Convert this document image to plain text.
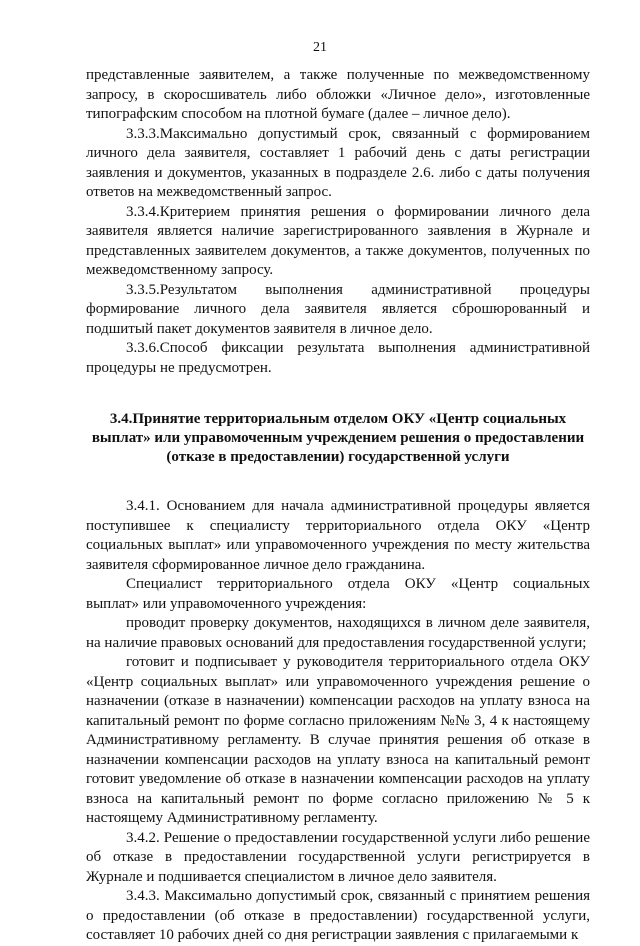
21

представленные заявителем, а также полученные по межведомственному запросу, в скоросшиватель либо обложки «Личное дело», изготовленные типографским способом на плотной бумаге (далее – личное дело).

3.3.3.Максимально допустимый срок, связанный с формированием личного дела заявителя, составляет 1 рабочий день с даты регистрации заявления и документов, указанных в подразделе 2.6. либо с даты получения ответов на межведомственный запрос.

3.3.4.Критерием принятия решения о формировании личного дела заявителя является наличие зарегистрированного заявления в Журнале и представленных заявителем документов, а также документов, полученных по межведомственному запросу.

3.3.5.Результатом выполнения административной процедуры формирование личного дела заявителя является сброшюрованный и подшитый пакет документов заявителя в личное дело.

3.3.6.Способ фиксации результата выполнения административной процедуры не предусмотрен.

3.4.Принятие территориальным отделом ОКУ «Центр социальных выплат» или управомоченным учреждением решения о предоставлении (отказе в предоставлении) государственной услуги

3.4.1. Основанием для начала административной процедуры является поступившее к специалисту территориального отдела ОКУ «Центр социальных выплат» или управомоченного учреждения по месту жительства заявителя сформированное личное дело гражданина.

Специалист территориального отдела ОКУ «Центр социальных выплат» или управомоченного учреждения:

проводит проверку документов, находящихся в личном деле заявителя, на наличие правовых оснований для предоставления государственной услуги;

готовит и подписывает у руководителя территориального отдела ОКУ «Центр социальных выплат» или управомоченного учреждения решение о назначении (отказе в назначении) компенсации расходов на уплату взноса на капитальный ремонт по форме согласно приложениям №№ 3, 4 к настоящему Административному регламенту. В случае принятия решения об отказе в назначении компенсации расходов на уплату взноса на капитальный ремонт готовит уведомление об отказе в назначении компенсации расходов на уплату взноса на капитальный ремонт по форме согласно приложению № 5 к настоящему Административному регламенту.

3.4.2. Решение о предоставлении государственной услуги либо решение об отказе в предоставлении государственной услуги регистрируется в Журнале и подшивается специалистом в личное дело заявителя.

3.4.3. Максимально допустимый срок, связанный с принятием решения о предоставлении (об отказе в предоставлении) государственной услуги, составляет 10 рабочих дней со дня регистрации заявления с прилагаемыми к
